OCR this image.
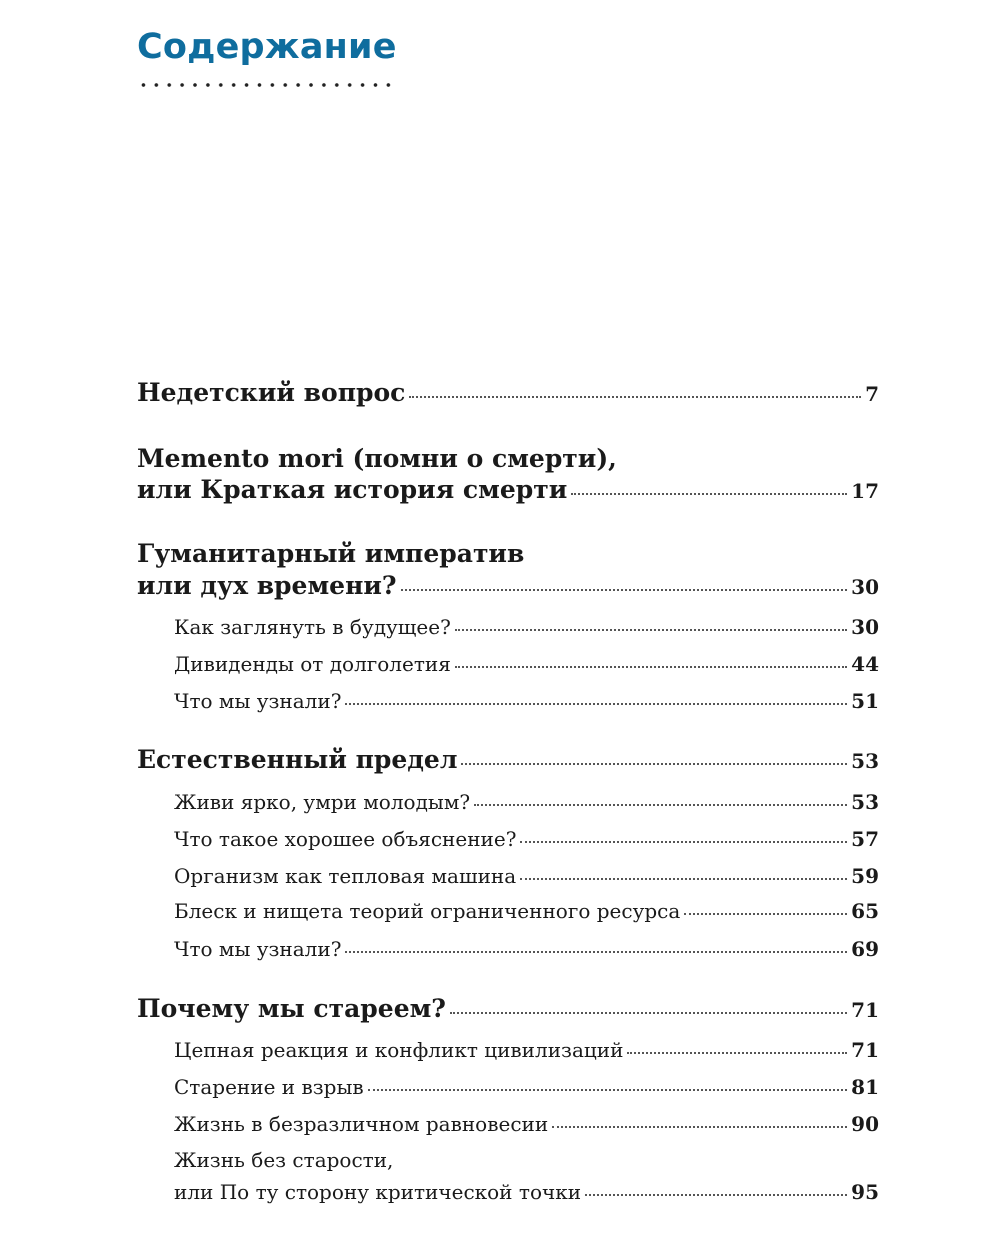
Содержание
Недетский вопрос	7
Memento mori (помни о смерти),
или Краткая история смерти	17
Гуманитарный императив
или дух времени?	30
Как заглянуть в будущее?	30
Дивиденды от долголетия	44
Что мы узнали?	51
Естественный предел	53
Живи ярко, умри молодым?	53
Что такое хорошее объяснение?	57
Организм как тепловая машина	59
Блеск и нищета теорий ограниченного ресурса	65
Что мы узнали?	69
Почему мы стареем?	71
Цепная реакция и конфликт цивилизаций	71
Старение и взрыв	81
Жизнь в безразличном равновесии	90
Жизнь без старости,
или По ту сторону критической точки	95
